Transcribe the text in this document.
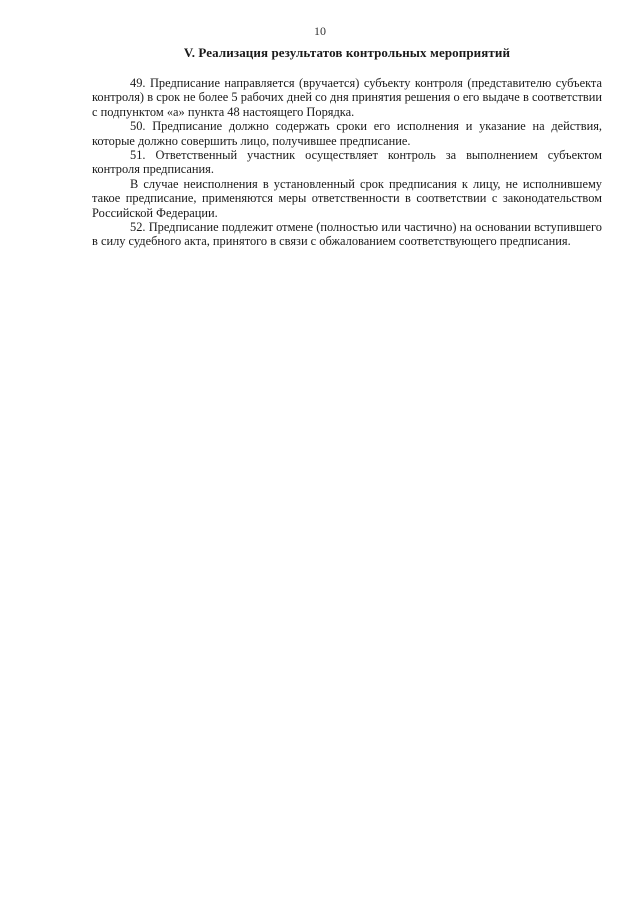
10
V. Реализация результатов контрольных мероприятий

49. Предписание направляется (вручается) субъекту контроля (представителю субъекта контроля) в срок не более 5 рабочих дней со дня принятия решения о его выдаче в соответствии с подпунктом «а» пункта 48 настоящего Порядка.

50. Предписание должно содержать сроки его исполнения и указание на действия, которые должно совершить лицо, получившее предписание.

51. Ответственный участник осуществляет контроль за выполнением субъектом контроля предписания.

В случае неисполнения в установленный срок предписания к лицу, не исполнившему такое предписание, применяются меры ответственности в соответствии с законодательством Российской Федерации.

52. Предписание подлежит отмене (полностью или частично) на основании вступившего в силу судебного акта, принятого в связи с обжалованием соответствующего предписания.
